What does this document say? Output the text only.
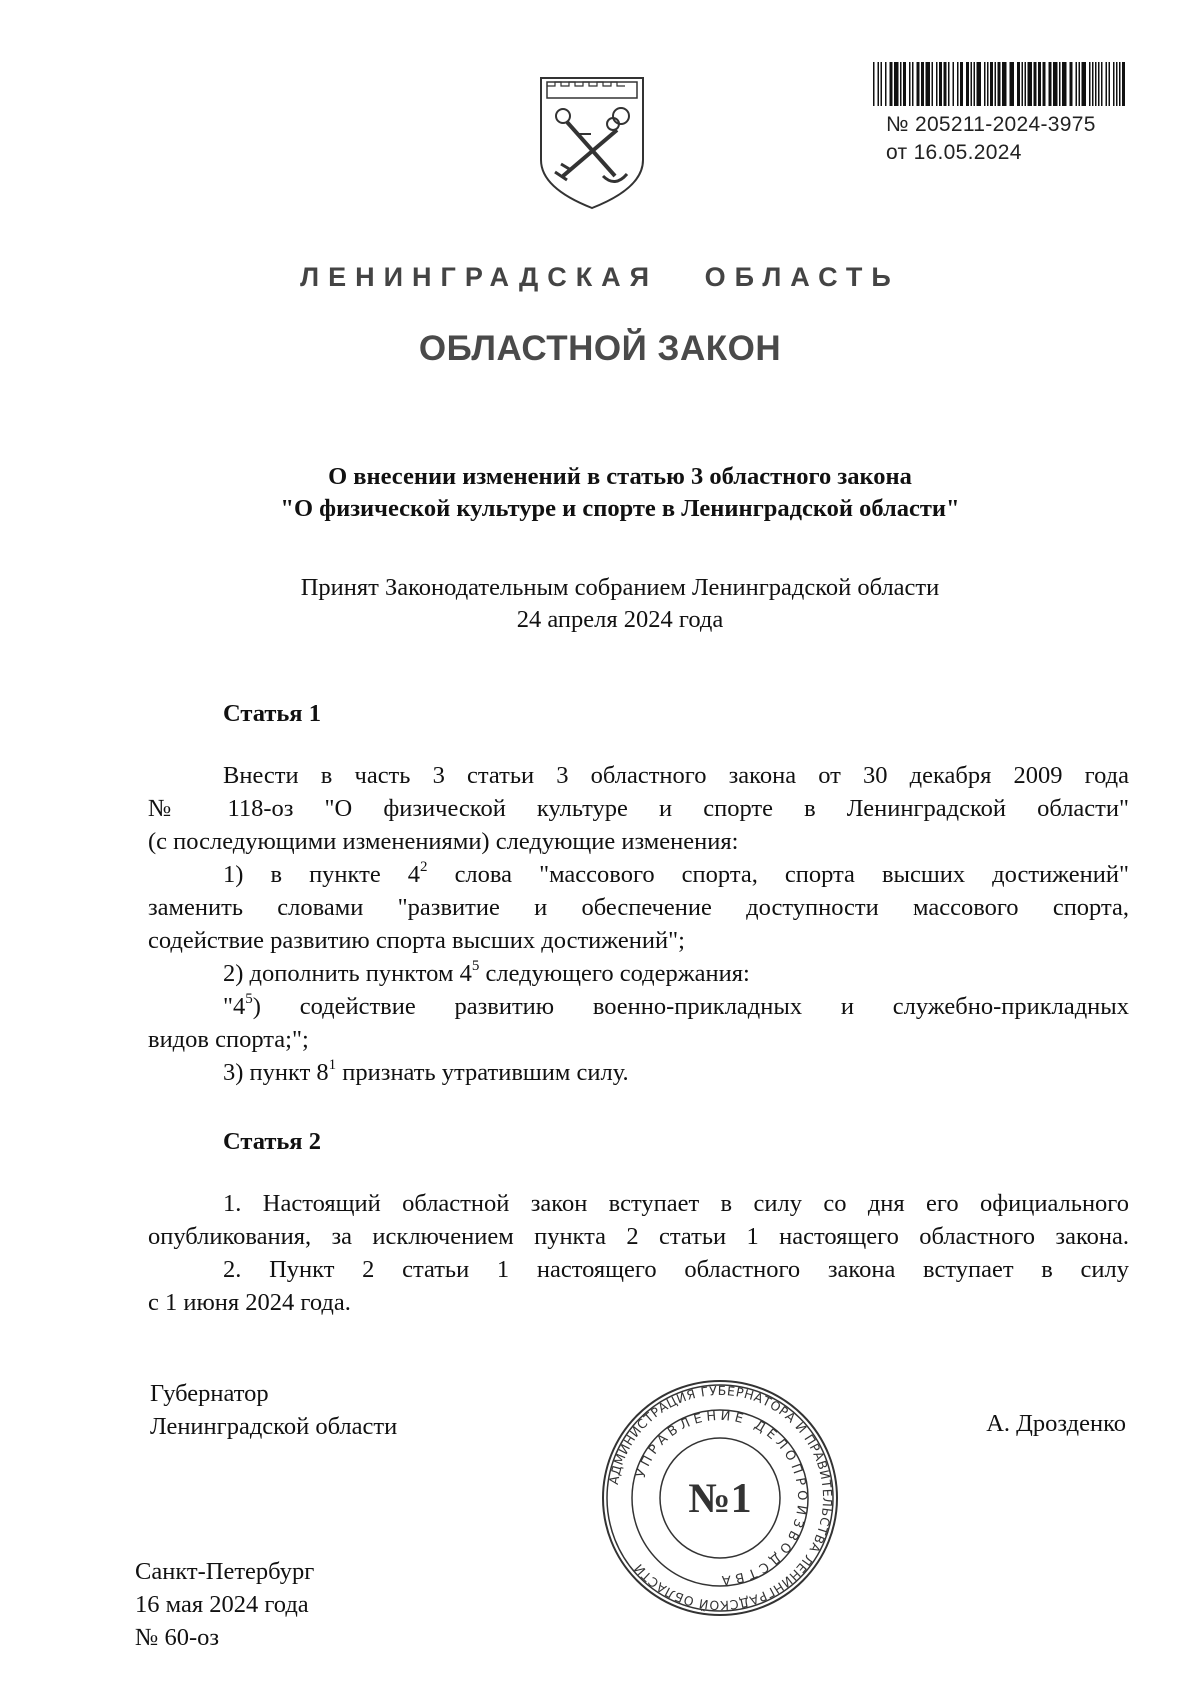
№ 205211-2024-3975
от 16.05.2024
ЛЕНИНГРАДСКАЯ ОБЛАСТЬ
ОБЛАСТНОЙ ЗАКОН
О внесении изменений в статью 3 областного закона
"О физической культуре и спорте в Ленинградской области"
Принят Законодательным собранием Ленинградской области
24 апреля 2024 года
Статья 1
Внести в часть 3 статьи 3 областного закона от 30 декабря 2009 года
№ 118-оз "О физической культуре и спорте в Ленинградской области"
(с последующими изменениями) следующие изменения:
1) в пункте $4^2$ слова "массового спорта, спорта высших достижений"
заменить словами "развитие и обеспечение доступности массового спорта,
содействие развитию спорта высших достижений";
2) дополнить пунктом $4^5$ следующего содержания:
"$4^5$) содействие развитию военно-прикладных и служебно-прикладных
видов спорта;";
3) пункт $8^1$ признать утратившим силу.
Статья 2
1. Настоящий областной закон вступает в силу со дня его официального
опубликования, за исключением пункта 2 статьи 1 настоящего областного закона.
2. Пункт 2 статьи 1 настоящего областного закона вступает в силу
с 1 июня 2024 года.
Губернатор
Ленинградской области	А. Дрозденко
АДМИНИСТРАЦИЯ ГУБЕРНАТОРА И ПРАВИТЕЛЬСТВА ЛЕНИНГРАДСКОЙ ОБЛАСТИ
УПРАВЛЕНИЕ ДЕЛОПРОИЗВОДСТВА
№1
Санкт-Петербург
16 мая 2024 года
№ 60-оз
